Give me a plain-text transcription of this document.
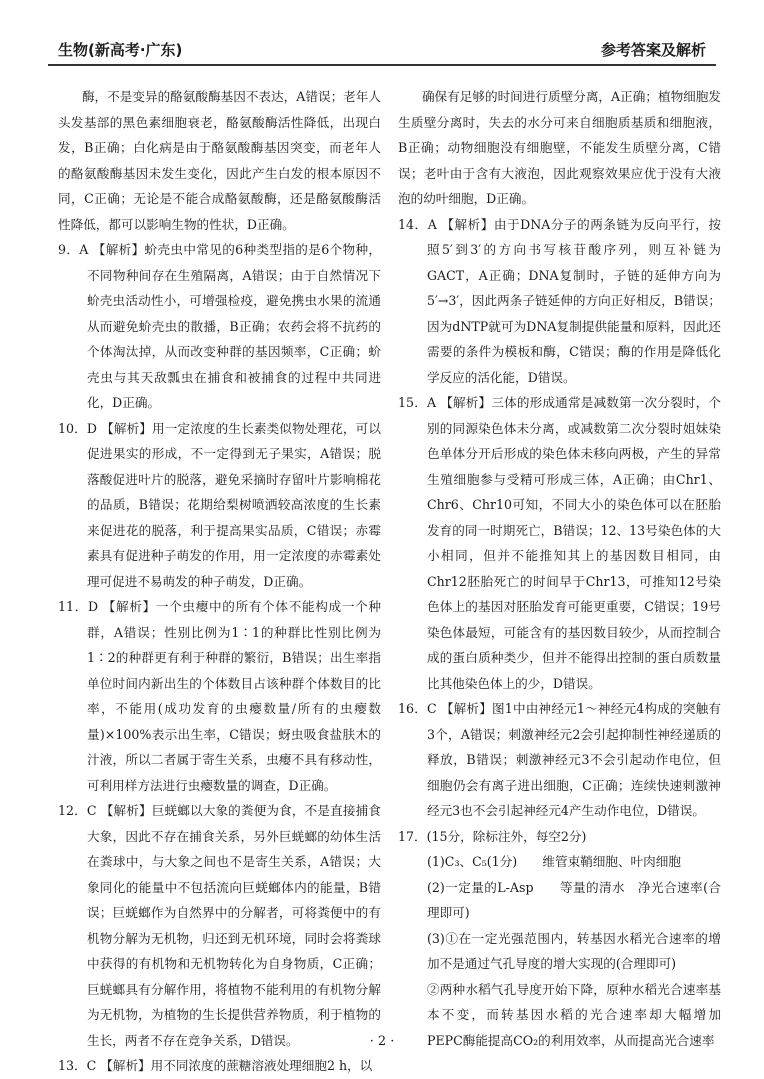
生物(新高考·广东)	参考答案及解析

酶，不是变异的酪氨酸酶基因不表达，A错误；老年人头发基部的黑色素细胞衰老，酪氨酸酶活性降低，出现白发，B正确；白化病是由于酪氨酸酶基因突变，而老年人的酪氨酸酶基因未发生变化，因此产生白发的根本原因不同，C正确；无论是不能合成酪氨酸酶，还是酪氨酸酶活性降低，都可以影响生物的性状，D正确。

9．A 【解析】蚧壳虫中常见的6种类型指的是6个物种，不同物种间存在生殖隔离，A错误；由于自然情况下蚧壳虫活动性小，可增强检疫，避免携虫水果的流通从而避免蚧壳虫的散播，B正确；农药会将不抗药的个体淘汰掉，从而改变种群的基因频率，C正确；蚧壳虫与其天敌瓢虫在捕食和被捕食的过程中共同进化，D正确。

10．D 【解析】用一定浓度的生长素类似物处理花，可以促进果实的形成，不一定得到无子果实，A错误；脱落酸促进叶片的脱落，避免采摘时存留叶片影响棉花的品质，B错误；花期给梨树喷洒较高浓度的生长素来促进花的脱落，利于提高果实品质，C错误；赤霉素具有促进种子萌发的作用，用一定浓度的赤霉素处理可促进不易萌发的种子萌发，D正确。

11．D 【解析】一个虫瘿中的所有个体不能构成一个种群，A错误；性别比例为1∶1的种群比性别比例为1∶2的种群更有利于种群的繁衍，B错误；出生率指单位时间内新出生的个体数目占该种群个体数目的比率，不能用(成功发育的虫瘿数量/所有的虫瘿数量)×100%表示出生率，C错误；蚜虫吸食盐肤木的汁液，所以二者属于寄生关系，虫瘿不具有移动性，可利用样方法进行虫瘿数量的调查，D正确。

12．C 【解析】巨蜣螂以大象的粪便为食，不是直接捕食大象，因此不存在捕食关系，另外巨蜣螂的幼体生活在粪球中，与大象之间也不是寄生关系，A错误；大象同化的能量中不包括流向巨蜣螂体内的能量，B错误；巨蜣螂作为自然界中的分解者，可将粪便中的有机物分解为无机物，归还到无机环境，同时会将粪球中获得的有机物和无机物转化为自身物质，C正确；巨蜣螂具有分解作用，将植物不能利用的有机物分解为无机物，为植物的生长提供营养物质，利于植物的生长，两者不存在竞争关系，D错误。

13．C 【解析】用不同浓度的蔗糖溶液处理细胞2 h，以

确保有足够的时间进行质壁分离，A正确；植物细胞发生质壁分离时，失去的水分可来自细胞质基质和细胞液，B正确；动物细胞没有细胞壁，不能发生质壁分离，C错误；老叶由于含有大液泡，因此观察效果应优于没有大液泡的幼叶细胞，D正确。

14．A 【解析】由于DNA分子的两条链为反向平行，按照5′到3′的方向书写核苷酸序列，则互补链为GACT，A正确；DNA复制时，子链的延伸方向为5′→3′，因此两条子链延伸的方向正好相反，B错误；因为dNTP就可为DNA复制提供能量和原料，因此还需要的条件为模板和酶，C错误；酶的作用是降低化学反应的活化能，D错误。

15．A 【解析】三体的形成通常是减数第一次分裂时，个别的同源染色体未分离，或减数第二次分裂时姐妹染色单体分开后形成的染色体未移向两极，产生的异常生殖细胞参与受精可形成三体，A正确；由Chr1、Chr6、Chr10可知，不同大小的染色体可以在胚胎发育的同一时期死亡，B错误；12、13号染色体的大小相同，但并不能推知其上的基因数目相同，由Chr12胚胎死亡的时间早于Chr13，可推知12号染色体上的基因对胚胎发育可能更重要，C错误；19号染色体最短，可能含有的基因数目较少，从而控制合成的蛋白质种类少，但并不能得出控制的蛋白质数量比其他染色体上的少，D错误。

16．C 【解析】图1中由神经元1～神经元4构成的突触有3个，A错误；刺激神经元2会引起抑制性神经递质的释放，B错误；刺激神经元3不会引起动作电位，但细胞仍会有离子进出细胞，C正确；连续快速刺激神经元3也不会引起神经元4产生动作电位，D错误。

17．(15分，除标注外，每空2分)

(1)C₃、C₅(1分)　　维管束鞘细胞、叶肉细胞

(2)一定量的L-Asp　　等量的清水　净光合速率(合理即可)

(3)①在一定光强范围内，转基因水稻光合速率的增加不是通过气孔导度的增大实现的(合理即可)

②两种水稻气孔导度开始下降，原种水稻光合速率基本不变，而转基因水稻的光合速率却大幅增加　PEPC酶能提高CO₂的利用效率，从而提高光合速率

· 2 ·
